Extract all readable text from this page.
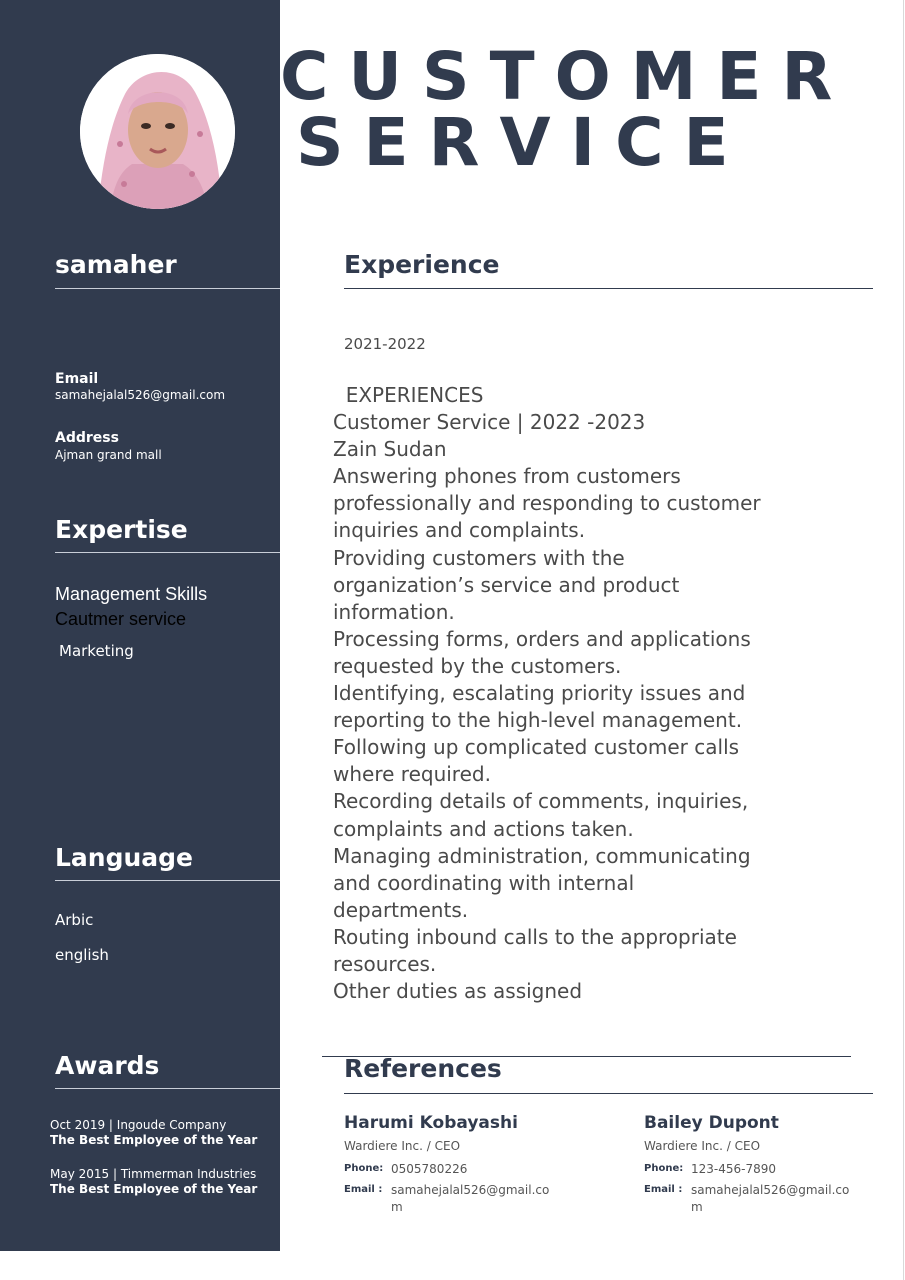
CUSTOMER
SERVICE
samaher
Email
samahejalal526@gmail.com
Address
Ajman grand mall
Expertise
Management Skills
Cautmer service
Marketing
Language
Arbic
english
Awards
Oct 2019 | Ingoude Company
The Best Employee of the Year
May 2015 | Timmerman Industries
The Best Employee of the Year
Experience
2021-2022
EXPERIENCES
Customer Service | 2022 -2023
Zain Sudan
Answering phones from customers
professionally and responding to customer
inquiries and complaints.
Providing customers with the
organization’s service and product
information.
Processing forms, orders and applications
requested by the customers.
Identifying, escalating priority issues and
reporting to the high-level management.
Following up complicated customer calls
where required.
Recording details of comments, inquiries,
complaints and actions taken.
Managing administration, communicating
and coordinating with internal
departments.
Routing inbound calls to the appropriate
resources.
Other duties as assigned
References
Harumi Kobayashi
Wardiere Inc. / CEO
Phone: 0505780226
Email : samahejalal526@gmail.com
Bailey Dupont
Wardiere Inc. / CEO
Phone: 123-456-7890
Email : samahejalal526@gmail.com
